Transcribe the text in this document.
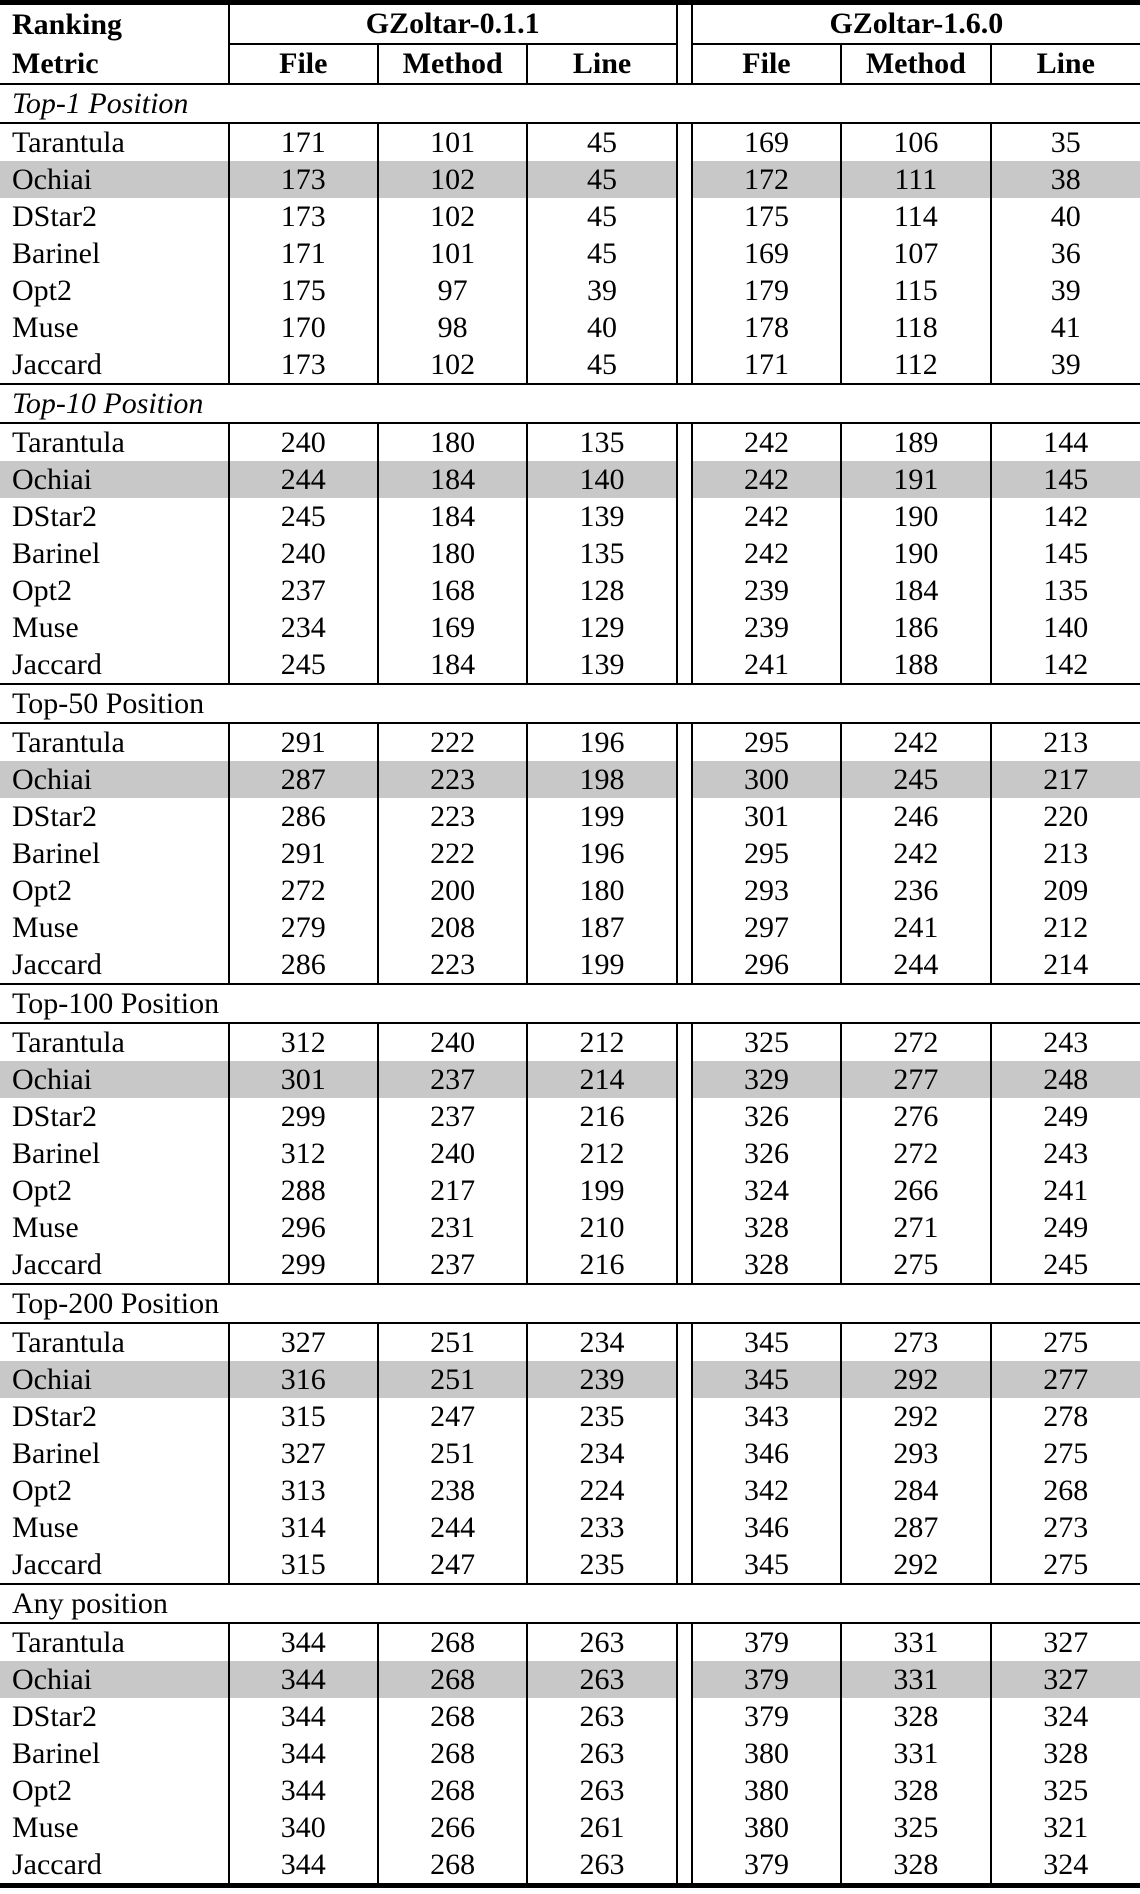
Ranking	GZoltar-0.1.1				GZoltar-1.6.0		
Metric	File	Method	Line		File	Method	Line
Top-1 Position							
Tarantula	171	101	45		169	106	35
Ochiai	173	102	45		172	111	38
DStar2	173	102	45		175	114	40
Barinel	171	101	45		169	107	36
Opt2	175	97	39		179	115	39
Muse	170	98	40		178	118	41
Jaccard	173	102	45		171	112	39
Top-10 Position							
Tarantula	240	180	135		242	189	144
Ochiai	244	184	140		242	191	145
DStar2	245	184	139		242	190	142
Barinel	240	180	135		242	190	145
Opt2	237	168	128		239	184	135
Muse	234	169	129		239	186	140
Jaccard	245	184	139		241	188	142
Top-50 Position							
Tarantula	291	222	196		295	242	213
Ochiai	287	223	198		300	245	217
DStar2	286	223	199		301	246	220
Barinel	291	222	196		295	242	213
Opt2	272	200	180		293	236	209
Muse	279	208	187		297	241	212
Jaccard	286	223	199		296	244	214
Top-100 Position							
Tarantula	312	240	212		325	272	243
Ochiai	301	237	214		329	277	248
DStar2	299	237	216		326	276	249
Barinel	312	240	212		326	272	243
Opt2	288	217	199		324	266	241
Muse	296	231	210		328	271	249
Jaccard	299	237	216		328	275	245
Top-200 Position							
Tarantula	327	251	234		345	273	275
Ochiai	316	251	239		345	292	277
DStar2	315	247	235		343	292	278
Barinel	327	251	234		346	293	275
Opt2	313	238	224		342	284	268
Muse	314	244	233		346	287	273
Jaccard	315	247	235		345	292	275
Any position							
Tarantula	344	268	263		379	331	327
Ochiai	344	268	263		379	331	327
DStar2	344	268	263		379	328	324
Barinel	344	268	263		380	331	328
Opt2	344	268	263		380	328	325
Muse	340	266	261		380	325	321
Jaccard	344	268	263		379	328	324
